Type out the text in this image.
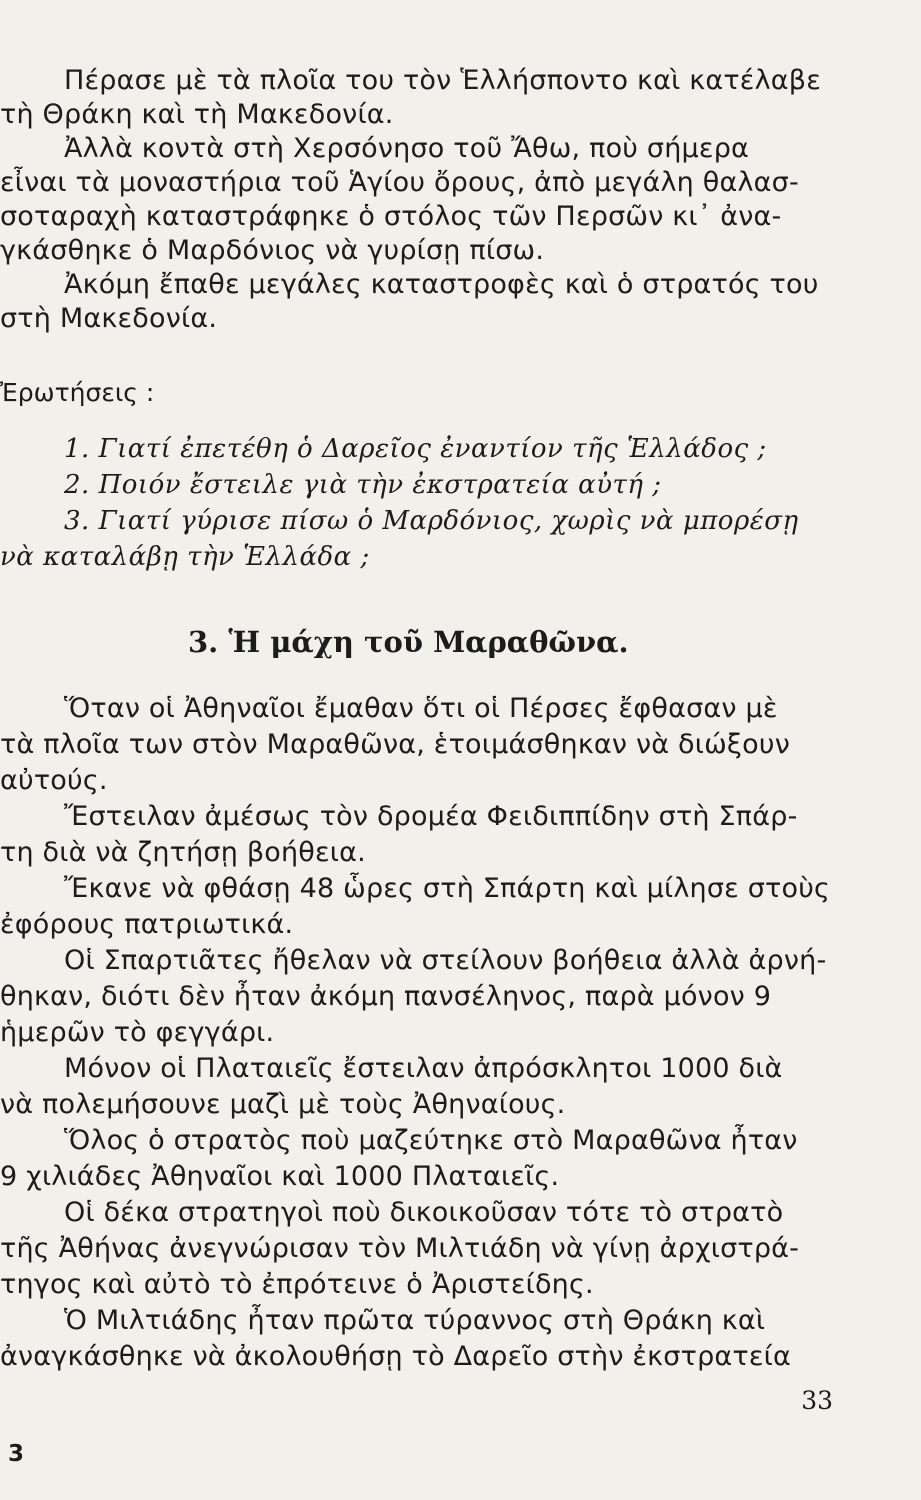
Πέρασε μὲ τὰ πλοῖα του τὸν Ἑλλήσποντο καὶ κατέλαβε
τὴ Θράκη καὶ τὴ Μακεδονία.
Ἀλλὰ κοντὰ στὴ Χερσόνησο τοῦ Ἄθω, ποὺ σήμερα
εἶναι τὰ μοναστήρια τοῦ Ἁγίου ὄρους, ἀπὸ μεγάλη θαλασ-
σοταραχὴ καταστράφηκε ὁ στόλος τῶν Περσῶν κι᾽ ἀνα-
γκάσθηκε ὁ Μαρδόνιος νὰ γυρίσῃ πίσω.
Ἀκόμη ἔπαθε μεγάλες καταστροφὲς καὶ ὁ στρατός του
στὴ Μακεδονία.
Ἐρωτήσεις :
1. Γιατί ἐπετέθη ὁ Δαρεῖος ἐναντίον τῆς Ἑλλάδος ;
2. Ποιόν ἔστειλε γιὰ τὴν ἐκστρατεία αὐτή ;
3. Γιατί γύρισε πίσω ὁ Μαρδόνιος, χωρὶς νὰ μπορέσῃ
νὰ καταλάβῃ τὴν Ἑλλάδα ;
3. Ἡ μάχη τοῦ Μαραθῶνα.
Ὅταν οἱ Ἀθηναῖοι ἔμαθαν ὅτι οἱ Πέρσες ἔφθασαν μὲ
τὰ πλοῖα των στὸν Μαραθῶνα, ἑτοιμάσθηκαν νὰ διώξουν
αὐτούς.
Ἔστειλαν ἀμέσως τὸν δρομέα Φειδιππίδην στὴ Σπάρ-
τη διὰ νὰ ζητήσῃ βοήθεια.
Ἔκανε νὰ φθάσῃ 48 ὧρες στὴ Σπάρτη καὶ μίλησε στοὺς
ἐφόρους πατριωτικά.
Οἱ Σπαρτιᾶτες ἤθελαν νὰ στείλουν βοήθεια ἀλλὰ ἀρνή-
θηκαν, διότι δὲν ἦταν ἀκόμη πανσέληνος, παρὰ μόνον 9
ἡμερῶν τὸ φεγγάρι.
Μόνον οἱ Πλαταιεῖς ἔστειλαν ἀπρόσκλητοι 1000 διὰ
νὰ πολεμήσουνε μαζὶ μὲ τοὺς Ἀθηναίους.
Ὅλος ὁ στρατὸς ποὺ μαζεύτηκε στὸ Μαραθῶνα ἦταν
9 χιλιάδες Ἀθηναῖοι καὶ 1000 Πλαταιεῖς.
Οἱ δέκα στρατηγοὶ ποὺ δικοικοῦσαν τότε τὸ στρατὸ
τῆς Ἀθήνας ἀνεγνώρισαν τὸν Μιλτιάδη νὰ γίνῃ ἀρχιστρά-
τηγος καὶ αὐτὸ τὸ ἐπρότεινε ὁ Ἀριστείδης.
Ὁ Μιλτιάδης ἦταν πρῶτα τύραννος στὴ Θράκη καὶ
ἀναγκάσθηκε νὰ ἀκολουθήσῃ τὸ Δαρεῖο στὴν ἐκστρατεία
33
3
